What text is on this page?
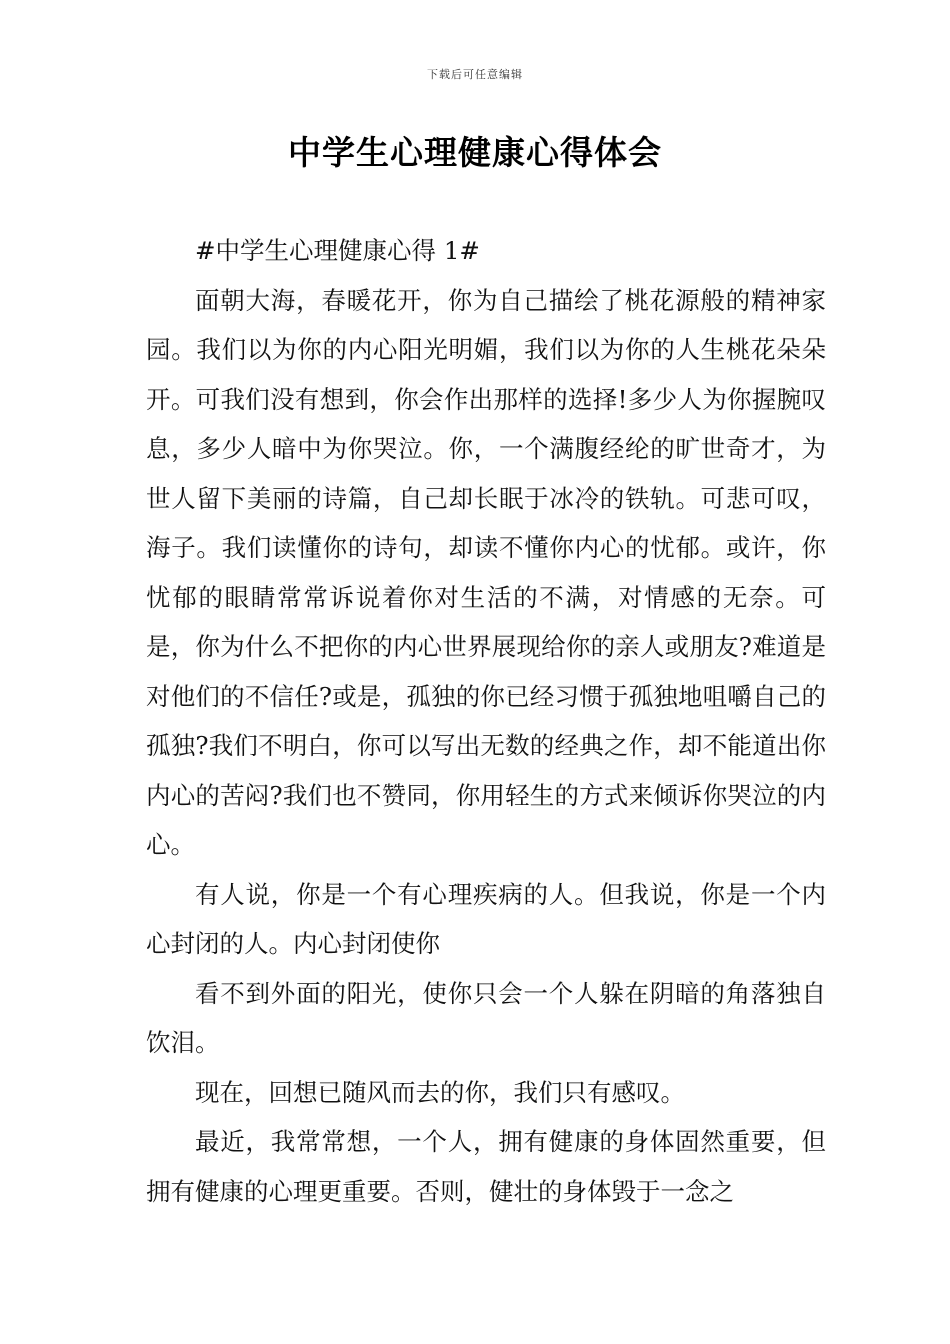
下载后可任意编辑
中学生心理健康心得体会

#中学生心理健康心得 1#

面朝大海，春暖花开，你为自己描绘了桃花源般的精神家园。我们以为你的内心阳光明媚，我们以为你的人生桃花朵朵开。可我们没有想到，你会作出那样的选择!多少人为你握腕叹息，多少人暗中为你哭泣。你，一个满腹经纶的旷世奇才，为世人留下美丽的诗篇，自己却长眠于冰冷的铁轨。可悲可叹，海子。我们读懂你的诗句，却读不懂你内心的忧郁。或许，你忧郁的眼睛常常诉说着你对生活的不满，对情感的无奈。可是，你为什么不把你的内心世界展现给你的亲人或朋友?难道是对他们的不信任?或是，孤独的你已经习惯于孤独地咀嚼自己的孤独?我们不明白，你可以写出无数的经典之作，却不能道出你内心的苦闷?我们也不赞同，你用轻生的方式来倾诉你哭泣的内心。

有人说，你是一个有心理疾病的人。但我说，你是一个内心封闭的人。内心封闭使你

看不到外面的阳光，使你只会一个人躲在阴暗的角落独自饮泪。

现在，回想已随风而去的你，我们只有感叹。

最近，我常常想，一个人，拥有健康的身体固然重要，但拥有健康的心理更重要。否则，健壮的身体毁于一念之
